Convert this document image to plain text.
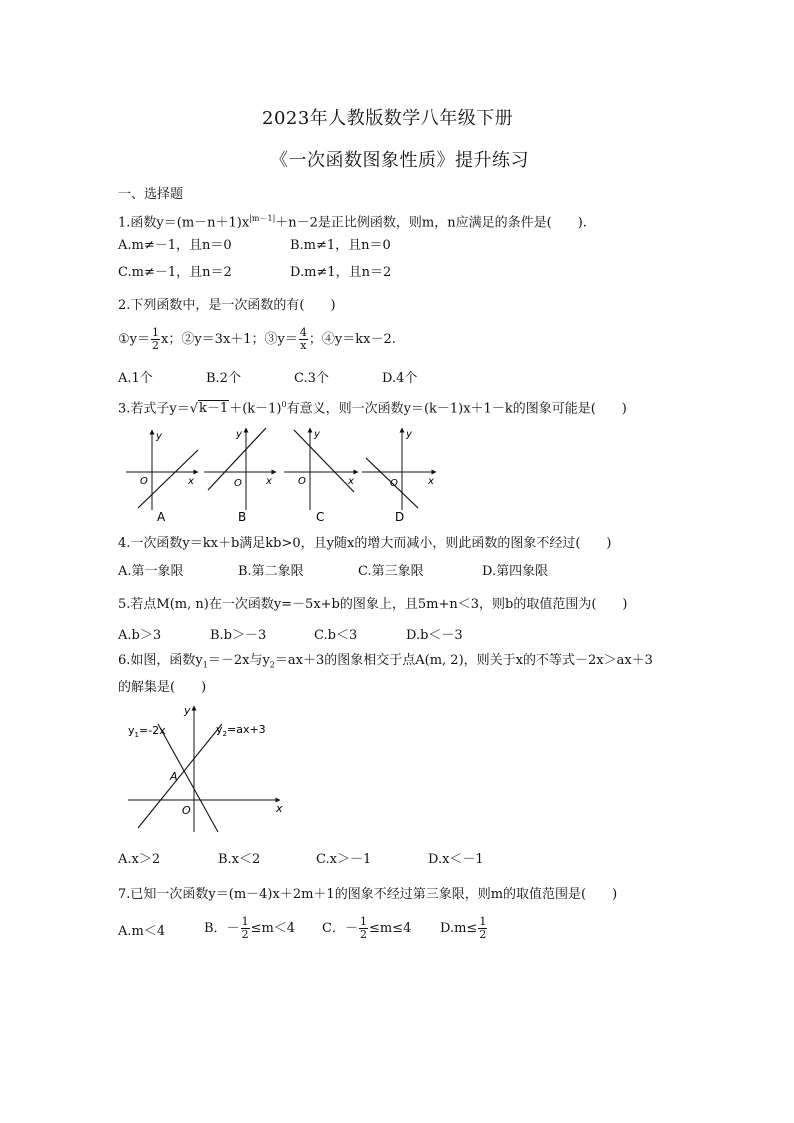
2023年人教版数学八年级下册
《一次函数图象性质》提升练习
一、选择题
1.函数$y=(m-n+1)x^{|m-1|}+n-2$是正比例函数，则m，n应满足的条件是(　　).
A.m≠－1，且n＝0	B.m≠1，且n＝0
C.m≠－1，且n＝2	D.m≠1，且n＝2
2.下列函数中，是一次函数的有(　　)
①y＝ $\frac{1}{2}$ x；②y＝3x＋1；③y＝ $\frac{4}{x}$ ；④y＝kx－2.
A.1个	B.2个	C.3个	D.4个
3.若式子$y=√k-1+(k-1)^0$有意义，则一次函数y＝(k－1)x＋1－k的图象可能是(　　)
y
x
O
A
y
x
O
B
y
x
O
C
y
x
O
D
4.一次函数y＝kx＋b满足kb>0，且y随x的增大而减小，则此函数的图象不经过(　　)
A.第一象限	B.第二象限	C.第三象限	D.第四象限
5.若点M(m, n)在一次函数y=－5x+b的图象上，且5m+n＜3，则b的取值范围为(　　)
A.b＞3	B.b＞－3	C.b＜3	D.b＜－3
6.如图，函数$y_1=-2x$与$y_2=ax+3$的图象相交于点A(m, 2)，则关于x的不等式－2x＞ax＋3
的解集是(　　)
$y_1=-2x$	$y_2=ax+3$
A
O	x
y
A.x＞2	B.x＜2	C.x＞－1	D.x＜－1
7.已知一次函数y＝(m－4)x＋2m＋1的图象不经过第三象限，则m的取值范围是(　　)
A.m＜4	B．－ $\frac{1}{2} \le m<4$ C．－ $\frac{1}{2} \le m\le 4$ $D.m\le \frac{1}{2}$
